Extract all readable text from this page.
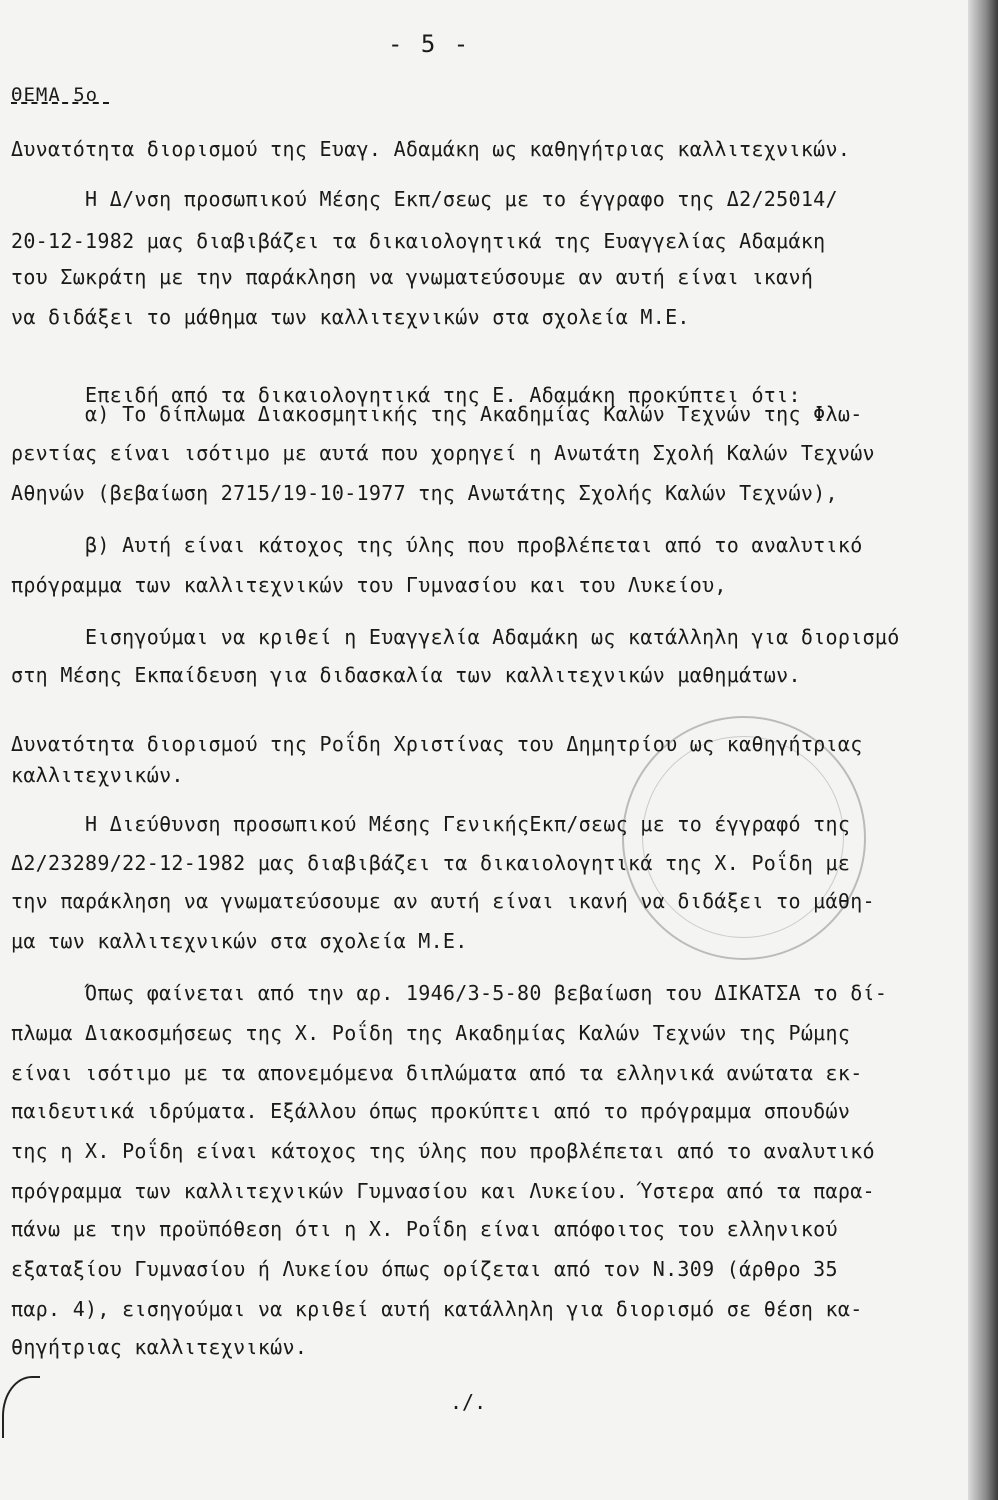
- 5 -
ΘΕΜΑ 5ο
Δυνατότητα διορισμού της Ευαγ. Αδαμάκη ως καθηγήτριας καλλιτεχνικών.
Η Δ/νση προσωπικού Μέσης Εκπ/σεως με το έγγραφο της Δ2/25014/
20-12-1982 μας διαβιβάζει τα δικαιολογητικά της Ευαγγελίας Αδαμάκη
του Σωκράτη με την παράκληση να γνωματεύσουμε αν αυτή είναι ικανή
να διδάξει το μάθημα των καλλιτεχνικών στα σχολεία Μ.Ε.
Επειδή από τα δικαιολογητικά της Ε. Αδαμάκη προκύπτει ότι:
α) Το δίπλωμα Διακοσμητικής της Ακαδημίας Καλών Τεχνών της Φλω-
ρεντίας είναι ισότιμο με αυτά που χορηγεί η Ανωτάτη Σχολή Καλών Τεχνών
Αθηνών (βεβαίωση 2715/19-10-1977 της Ανωτάτης Σχολής Καλών Τεχνών),
β) Αυτή είναι κάτοχος της ύλης που προβλέπεται από το αναλυτικό
πρόγραμμα των καλλιτεχνικών του Γυμνασίου και του Λυκείου,
Εισηγούμαι να κριθεί η Ευαγγελία Αδαμάκη ως κατάλληλη για διορισμό
στη Μέσης Εκπαίδευση για διδασκαλία των καλλιτεχνικών μαθημάτων.
Δυνατότητα διορισμού της Ροΐδη Χριστίνας του Δημητρίου ως καθηγήτριας
καλλιτεχνικών.
Η Διεύθυνση προσωπικού Μέσης ΓενικήςΕκπ/σεως με το έγγραφό της
Δ2/23289/22-12-1982 μας διαβιβάζει τα δικαιολογητικά της Χ. Ροΐδη με
την παράκληση να γνωματεύσουμε αν αυτή είναι ικανή να διδάξει το μάθη-
μα των καλλιτεχνικών στα σχολεία Μ.Ε.
Όπως φαίνεται από την αρ. 1946/3-5-80 βεβαίωση του ΔΙΚΑΤΣΑ το δί-
πλωμα Διακοσμήσεως της Χ. Ροΐδη της Ακαδημίας Καλών Τεχνών της Ρώμης
είναι ισότιμο με τα απονεμόμενα διπλώματα από τα ελληνικά ανώτατα εκ-
παιδευτικά ιδρύματα. Εξάλλου όπως προκύπτει από το πρόγραμμα σπουδών
της η Χ. Ροΐδη είναι κάτοχος της ύλης που προβλέπεται από το αναλυτικό
πρόγραμμα των καλλιτεχνικών Γυμνασίου και Λυκείου. Ύστερα από τα παρα-
πάνω με την προϋπόθεση ότι η Χ. Ροΐδη είναι απόφοιτος του ελληνικού
εξαταξίου Γυμνασίου ή Λυκείου όπως ορίζεται από τον Ν.309 (άρθρο 35
παρ. 4), εισηγούμαι να κριθεί αυτή κατάλληλη για διορισμό σε θέση κα-
θηγήτριας καλλιτεχνικών.
./.
